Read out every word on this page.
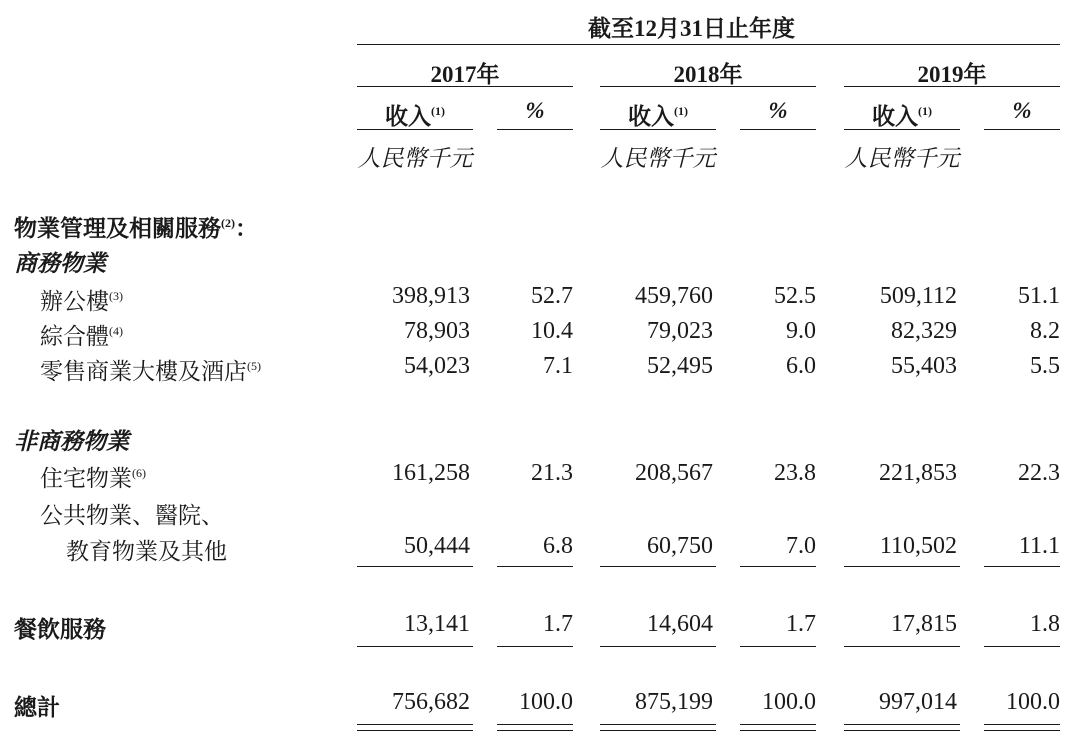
截至12月31日止年度
2017年	2018年	2019年
收入$^{(1)}$	%	收入$^{(1)}$	%	收入$^{(1)}$	%
人民幣千元	人民幣千元	人民幣千元
物業管理及相關服務$^{(2)}$：
商務物業
辦公樓$^{(3)}$	398,913	52.7	459,760	52.5	509,112	51.1
綜合體$^{(4)}$	78,903	10.4	79,023	9.0	82,329	8.2
零售商業大樓及酒店$^{(5)}$	54,023	7.1	52,495	6.0	55,403	5.5
非商務物業
住宅物業$^{(6)}$	161,258	21.3	208,567	23.8	221,853	22.3
公共物業、醫院、
教育物業及其他	50,444	6.8	60,750	7.0	110,502	11.1
餐飲服務	13,141	1.7	14,604	1.7	17,815	1.8
總計	756,682	100.0	875,199	100.0	997,014	100.0
